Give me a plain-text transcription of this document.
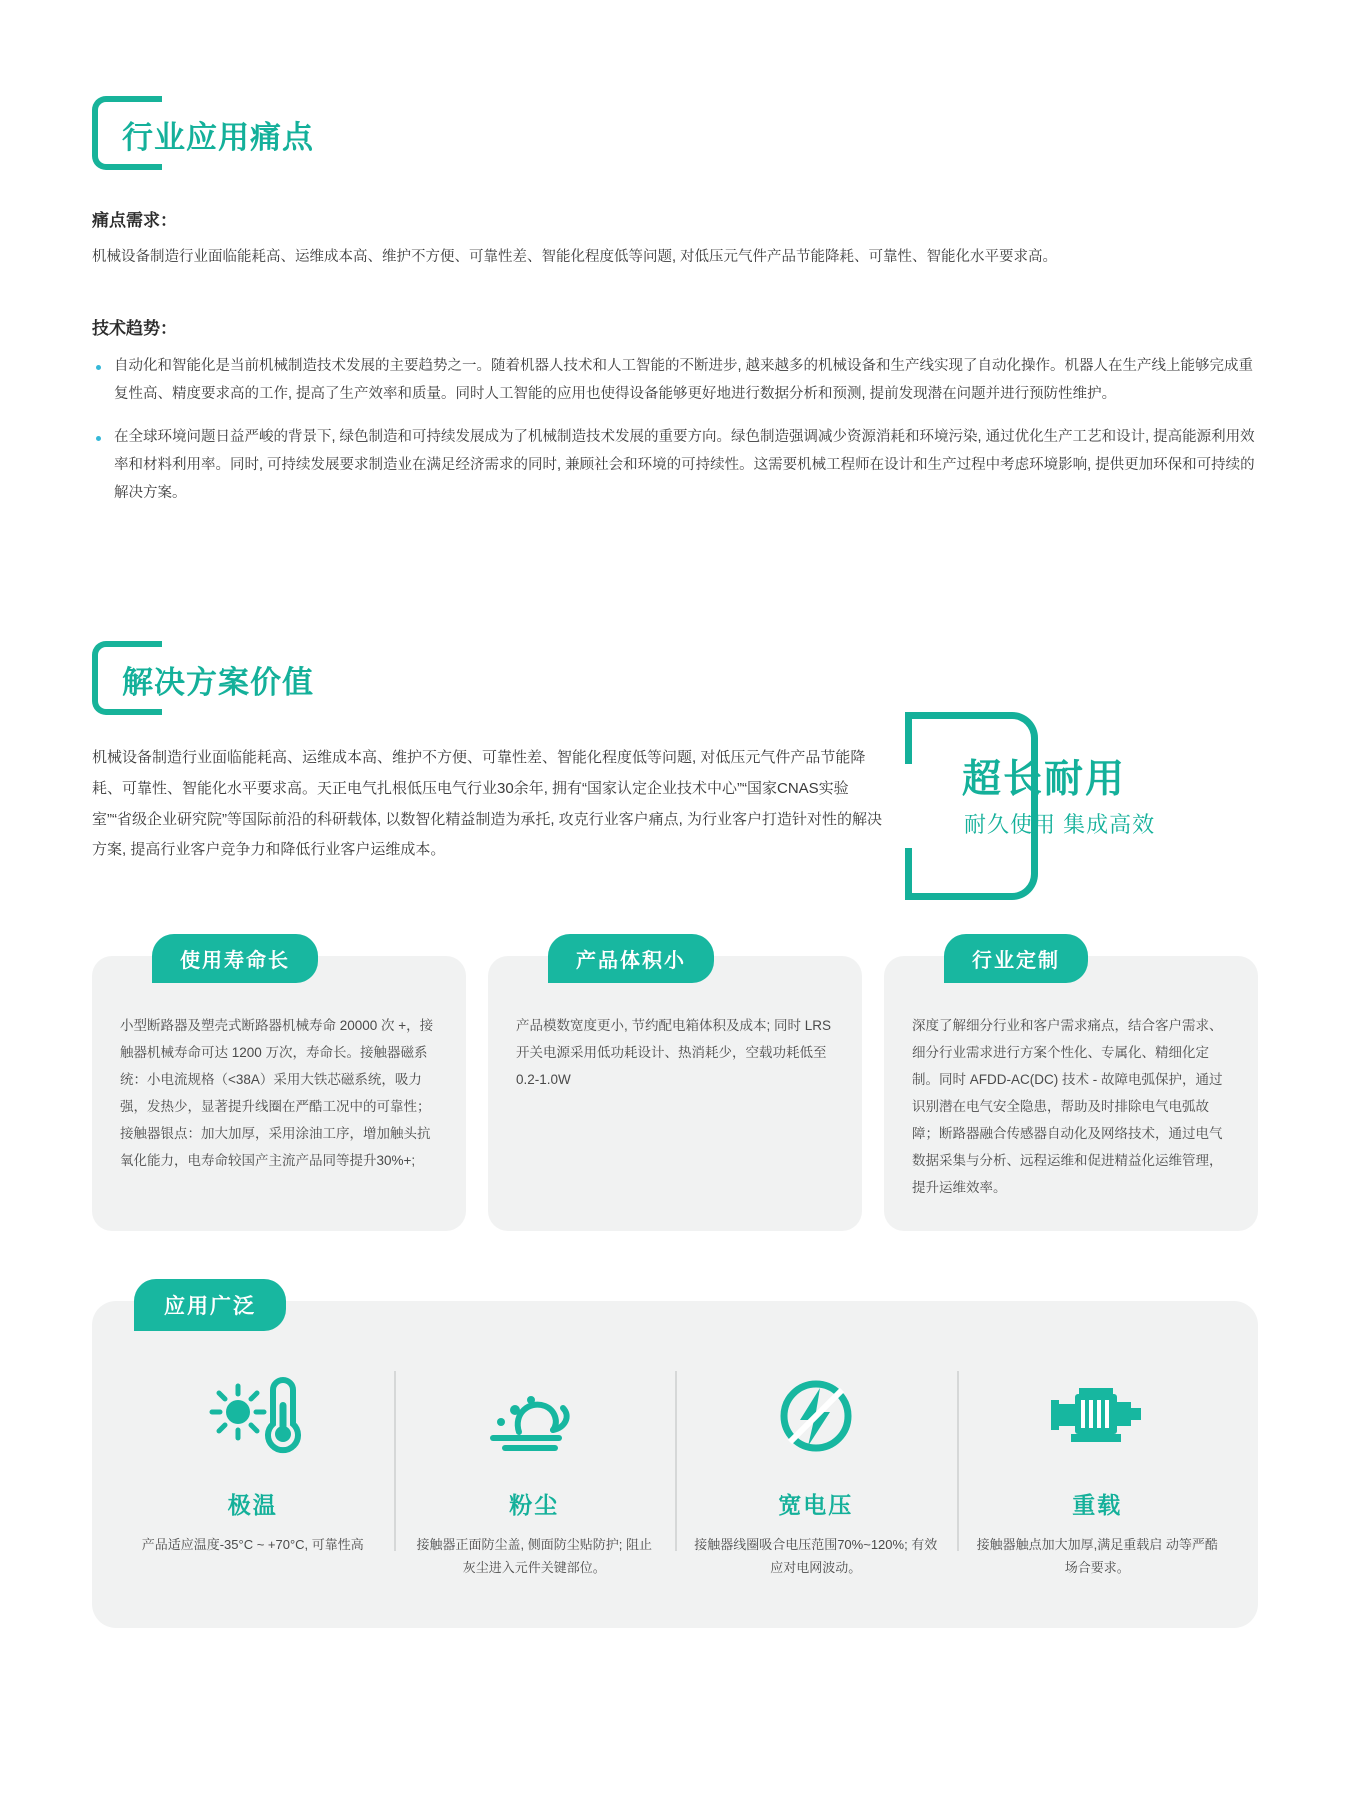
行业应用痛点
痛点需求：
机械设备制造行业面临能耗高、运维成本高、维护不方便、可靠性差、智能化程度低等问题, 对低压元气件产品节能降耗、可靠性、智能化水平要求高。
技术趋势：
自动化和智能化是当前机械制造技术发展的主要趋势之一。随着机器人技术和人工智能的不断进步, 越来越多的机械设备和生产线实现了自动化操作。机器人在生产线上能够完成重复性高、精度要求高的工作, 提高了生产效率和质量。同时人工智能的应用也使得设备能够更好地进行数据分析和预测, 提前发现潜在问题并进行预防性维护。
在全球环境问题日益严峻的背景下, 绿色制造和可持续发展成为了机械制造技术发展的重要方向。绿色制造强调减少资源消耗和环境污染, 通过优化生产工艺和设计, 提高能源利用效率和材料利用率。同时, 可持续发展要求制造业在满足经济需求的同时, 兼顾社会和环境的可持续性。这需要机械工程师在设计和生产过程中考虑环境影响, 提供更加环保和可持续的解决方案。
解决方案价值
机械设备制造行业面临能耗高、运维成本高、维护不方便、可靠性差、智能化程度低等问题, 对低压元气件产品节能降耗、可靠性、智能化水平要求高。天正电气扎根低压电气行业30余年, 拥有“国家认定企业技术中心”“国家CNAS实验室”“省级企业研究院”等国际前沿的科研载体, 以数智化精益制造为承托, 攻克行业客户痛点, 为行业客户打造针对性的解决方案, 提高行业客户竞争力和降低行业客户运维成本。
超长耐用
耐久使用 集成高效
使用寿命长
小型断路器及塑壳式断路器机械寿命 20000 次 +，接触器机械寿命可达 1200 万次，寿命长。接触器磁系统：小电流规格（<38A）采用大铁芯磁系统，吸力强，发热少，显著提升线圈在严酷工况中的可靠性；接触器银点：加大加厚，采用涂油工序，增加触头抗氧化能力，电寿命较国产主流产品同等提升30%+;
产品体积小
产品模数宽度更小, 节约配电箱体积及成本; 同时 LRS 开关电源采用低功耗设计、热消耗少，空载功耗低至 0.2-1.0W
行业定制
深度了解细分行业和客户需求痛点，结合客户需求、细分行业需求进行方案个性化、专属化、精细化定制。同时 AFDD-AC(DC) 技术 - 故障电弧保护，通过识别潜在电气安全隐患，帮助及时排除电气电弧故障；断路器融合传感器自动化及网络技术，通过电气数据采集与分析、远程运维和促进精益化运维管理，提升运维效率。
应用广泛
极温
产品适应温度-35°C ~ +70°C, 可靠性高
粉尘
接触器正面防尘盖, 侧面防尘贴防护; 阻止灰尘进入元件关键部位。
宽电压
接触器线圈吸合电压范围70%~120%; 有效应对电网波动。
重载
接触器触点加大加厚,满足重载启 动等严酷场合要求。
